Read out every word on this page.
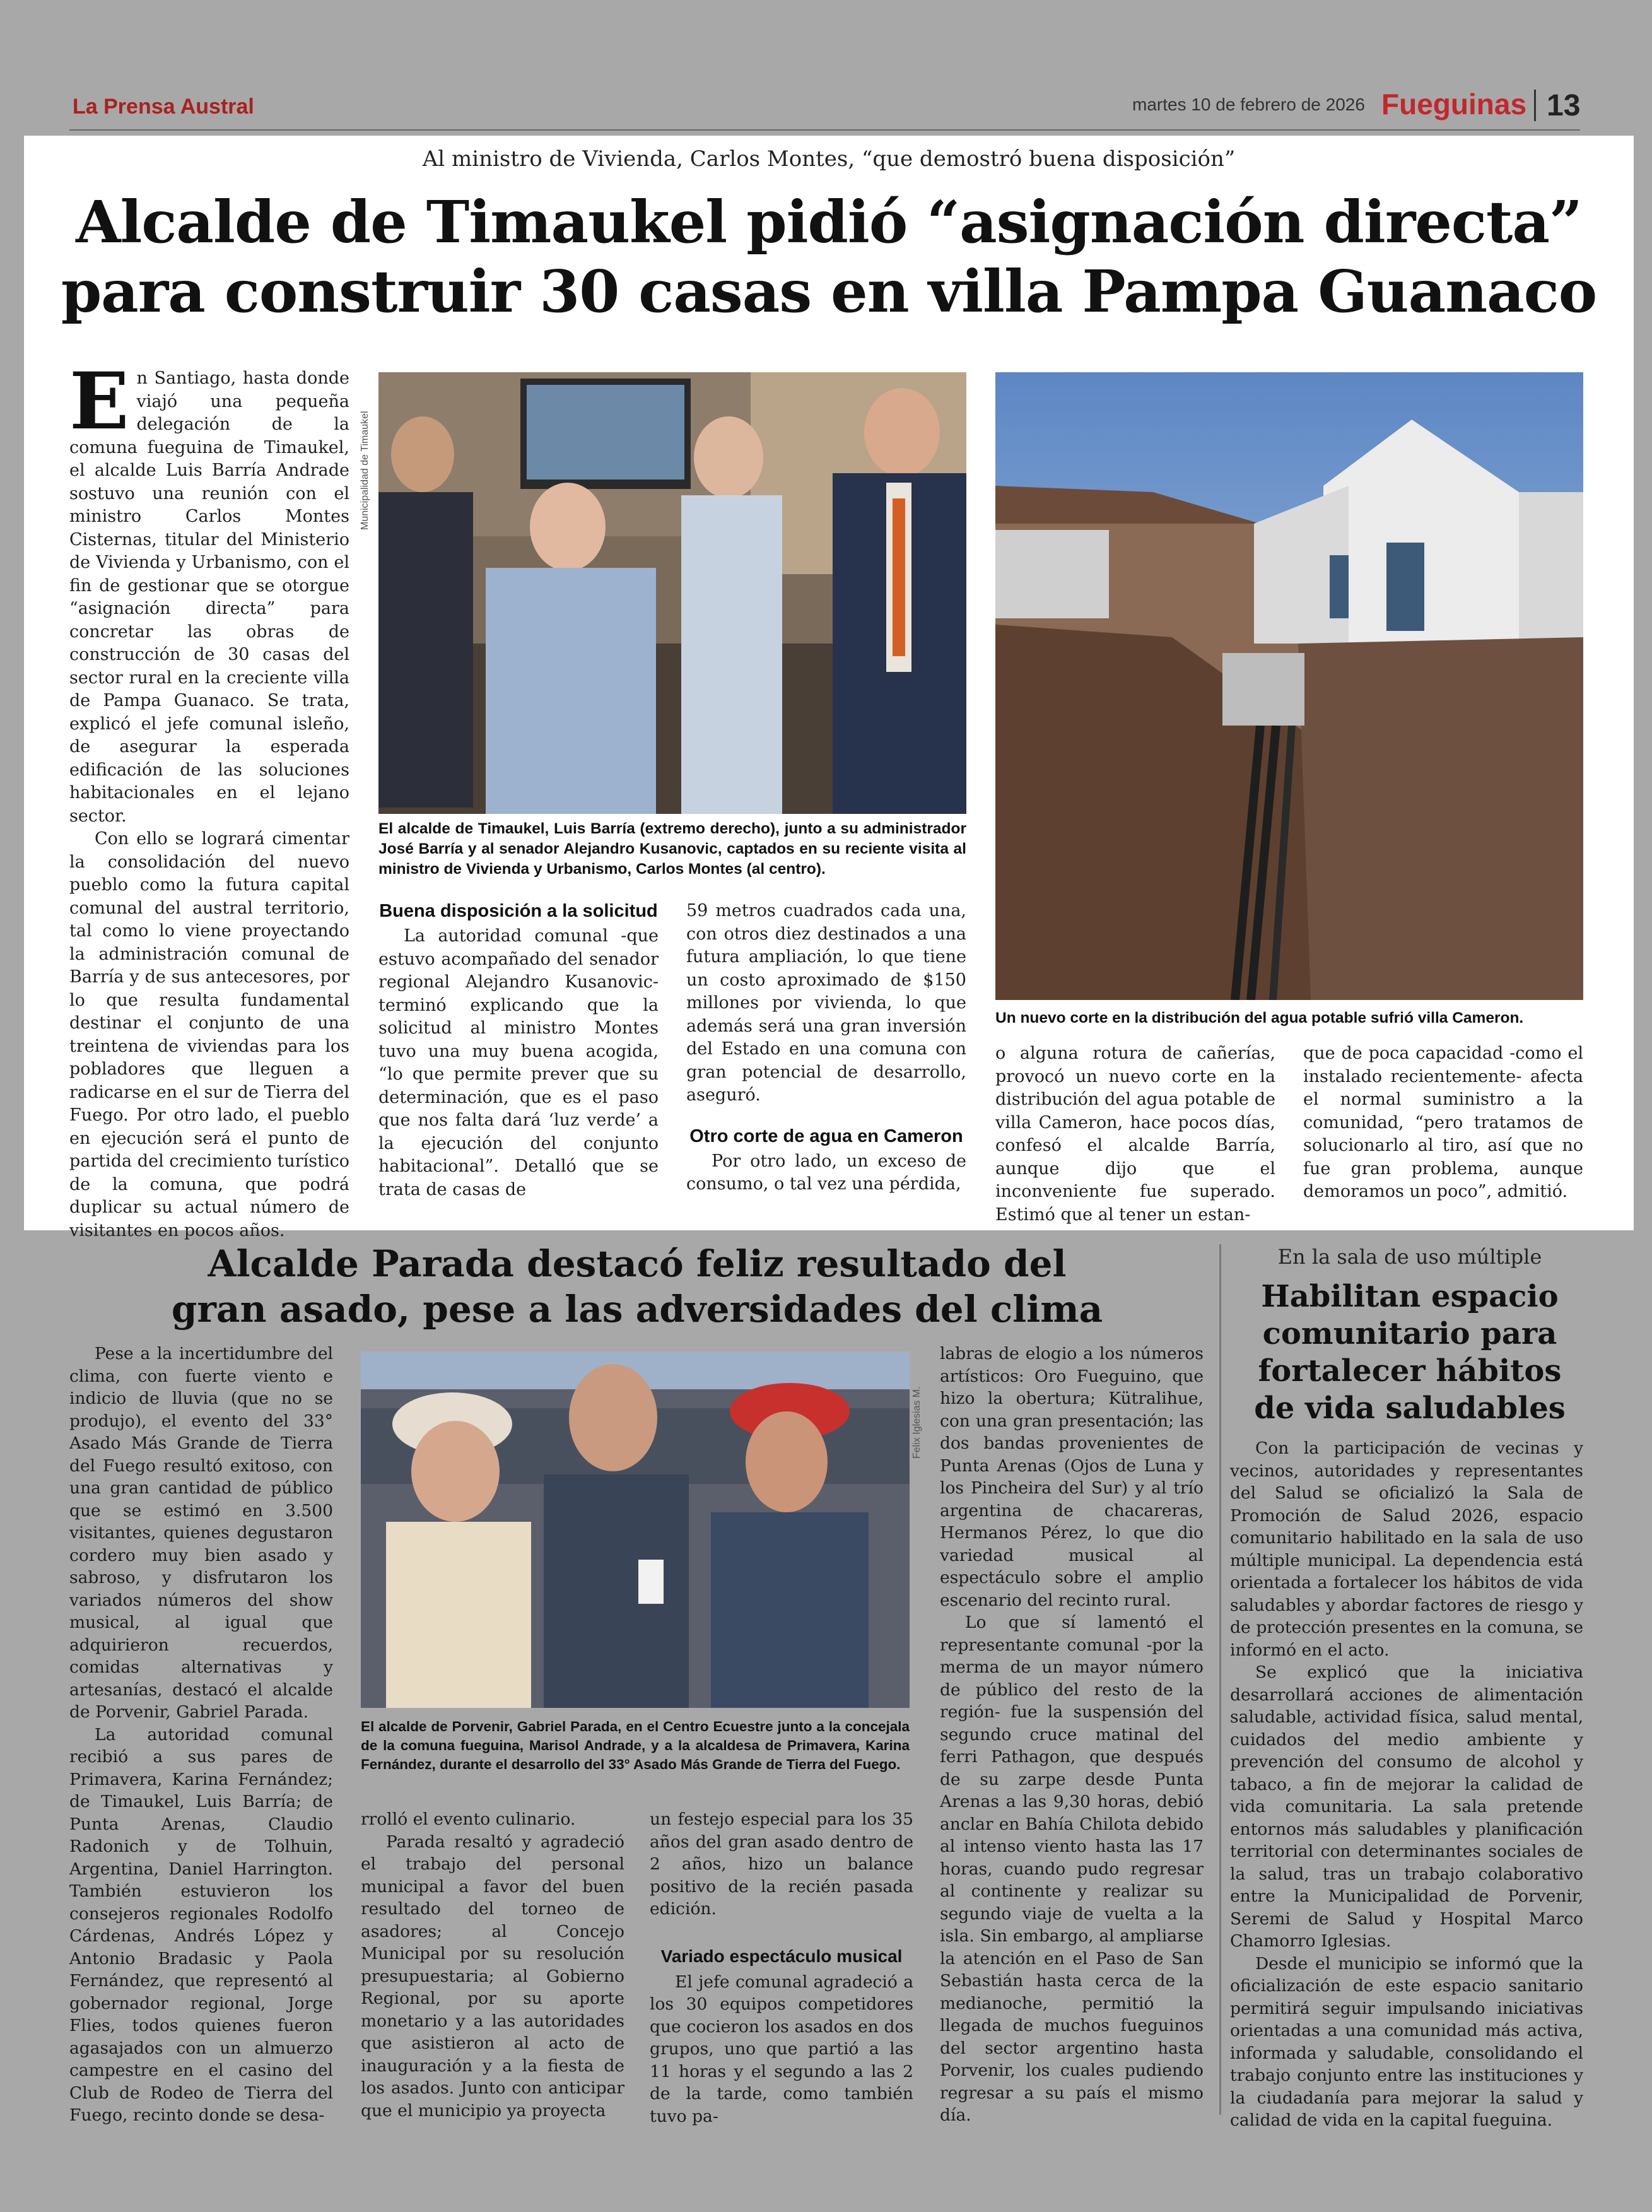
La Prensa Austral	martes 10 de febrero de 2026 Fueguinas 13
Al ministro de Vivienda, Carlos Montes, “que demostró buena disposición”
Alcalde de Timaukel pidió “asignación directa”
para construir 30 casas en villa Pampa Guanaco
E n Santiago, hasta donde viajó una pequeña delegación de la comuna fueguina de Timaukel, el alcalde Luis Barría Andrade sostuvo una reunión con el ministro Carlos Montes Cisternas, titular del Ministerio de Vivienda y Urbanismo, con el fin de gestionar que se otorgue “asignación directa” para concretar las obras de construcción de 30 casas del sector rural en la creciente villa de Pampa Guanaco. Se trata, explicó el jefe comunal isleño, de asegurar la esperada edificación de las soluciones habitacionales en el lejano sector.

Con ello se logrará cimentar la consolidación del nuevo pueblo como la futura capital comunal del austral territorio, tal como lo viene proyectando la administración comunal de Barría y de sus antecesores, por lo que resulta fundamental destinar el conjunto de una treintena de viviendas para los pobladores que lleguen a radicarse en el sur de Tierra del Fuego. Por otro lado, el pueblo en ejecución será el punto de partida del crecimiento turístico de la comuna, que podrá duplicar su actual número de visitantes en pocos años.

Municipalidad de Timaukel
El alcalde de Timaukel, Luis Barría (extremo derecho), junto a su administrador José Barría y al senador Alejandro Kusanovic, captados en su reciente visita al ministro de Vivienda y Urbanismo, Carlos Montes (al centro).
Buena disposición a la solicitud

La autoridad comunal -que estuvo acompañado del senador regional Alejandro Kusanovic- terminó explicando que la solicitud al ministro Montes tuvo una muy buena acogida, “lo que permite prever que su determinación, que es el paso que nos falta dará ‘luz verde’ a la ejecución del conjunto habitacional”. Detalló que se trata de casas de

59 metros cuadrados cada una, con otros diez destinados a una futura ampliación, lo que tiene un costo aproximado de $150 millones por vivienda, lo que además será una gran inversión del Estado en una comuna con gran potencial de desarrollo, aseguró.

Otro corte de agua en Cameron

Por otro lado, un exceso de consumo, o tal vez una pérdida,

Un nuevo corte en la distribución del agua potable sufrió villa Cameron.

o alguna rotura de cañerías, provocó un nuevo corte en la distribución del agua potable de villa Cameron, hace pocos días, confesó el alcalde Barría, aunque dijo que el inconveniente fue superado. Estimó que al tener un estan-

que de poca capacidad -como el instalado recientemente- afecta el normal suministro a la comunidad, “pero tratamos de solucionarlo al tiro, así que no fue gran problema, aunque demoramos un poco”, admitió.

Alcalde Parada destacó feliz resultado del
gran asado, pese a las adversidades del clima

Pese a la incertidumbre del clima, con fuerte viento e indicio de lluvia (que no se produjo), el evento del 33° Asado Más Grande de Tierra del Fuego resultó exitoso, con una gran cantidad de público que se estimó en 3.500 visitantes, quienes degustaron cordero muy bien asado y sabroso, y disfrutaron los variados números del show musical, al igual que adquirieron recuerdos, comidas alternativas y artesanías, destacó el alcalde de Porvenir, Gabriel Parada.

La autoridad comunal recibió a sus pares de Primavera, Karina Fernández; de Timaukel, Luis Barría; de Punta Arenas, Claudio Radonich y de Tolhuin, Argentina, Daniel Harrington. También estuvieron los consejeros regionales Rodolfo Cárdenas, Andrés López y Antonio Bradasic y Paola Fernández, que representó al gobernador regional, Jorge Flies, todos quienes fueron agasajados con un almuerzo campestre en el casino del Club de Rodeo de Tierra del Fuego, recinto donde se desa-

Felix Iglesias M.
El alcalde de Porvenir, Gabriel Parada, en el Centro Ecuestre junto a la concejala de la comuna fueguina, Marisol Andrade, y a la alcaldesa de Primavera, Karina Fernández, durante el desarrollo del 33° Asado Más Grande de Tierra del Fuego.

rrolló el evento culinario.

Parada resaltó y agradeció el trabajo del personal municipal a favor del buen resultado del torneo de asadores; al Concejo Municipal por su resolución presupuestaria; al Gobierno Regional, por su aporte monetario y a las autoridades que asistieron al acto de inauguración y a la fiesta de los asados. Junto con anticipar que el municipio ya proyecta

un festejo especial para los 35 años del gran asado dentro de 2 años, hizo un balance positivo de la recién pasada edición.

Variado espectáculo musical

El jefe comunal agradeció a los 30 equipos competidores que cocieron los asados en dos grupos, uno que partió a las 11 horas y el segundo a las 2 de la tarde, como también tuvo pa-

labras de elogio a los números artísticos: Oro Fueguino, que hizo la obertura; Kütralihue, con una gran presentación; las dos bandas provenientes de Punta Arenas (Ojos de Luna y los Pincheira del Sur) y al trío argentina de chacareras, Hermanos Pérez, lo que dio variedad musical al espectáculo sobre el amplio escenario del recinto rural.

Lo que sí lamentó el representante comunal -por la merma de un mayor número de público del resto de la región- fue la suspensión del segundo cruce matinal del ferri Pathagon, que después de su zarpe desde Punta Arenas a las 9,30 horas, debió anclar en Bahía Chilota debido al intenso viento hasta las 17 horas, cuando pudo regresar al continente y realizar su segundo viaje de vuelta a la isla. Sin embargo, al ampliarse la atención en el Paso de San Sebastián hasta cerca de la medianoche, permitió la llegada de muchos fueguinos del sector argentino hasta Porvenir, los cuales pudiendo regresar a su país el mismo día.

En la sala de uso múltiple
Habilitan espacio
comunitario para
fortalecer hábitos
de vida saludables

Con la participación de vecinas y vecinos, autoridades y representantes del Salud se oficializó la Sala de Promoción de Salud 2026, espacio comunitario habilitado en la sala de uso múltiple municipal. La dependencia está orientada a fortalecer los hábitos de vida saludables y abordar factores de riesgo y de protección presentes en la comuna, se informó en el acto.

Se explicó que la iniciativa desarrollará acciones de alimentación saludable, actividad física, salud mental, cuidados del medio ambiente y prevención del consumo de alcohol y tabaco, a fin de mejorar la calidad de vida comunitaria. La sala pretende entornos más saludables y planificación territorial con determinantes sociales de la salud, tras un trabajo colaborativo entre la Municipalidad de Porvenir, Seremi de Salud y Hospital Marco Chamorro Iglesias.

Desde el municipio se informó que la oficialización de este espacio sanitario permitirá seguir impulsando iniciativas orientadas a una comunidad más activa, informada y saludable, consolidando el trabajo conjunto entre las instituciones y la ciudadanía para mejorar la salud y calidad de vida en la capital fueguina.
